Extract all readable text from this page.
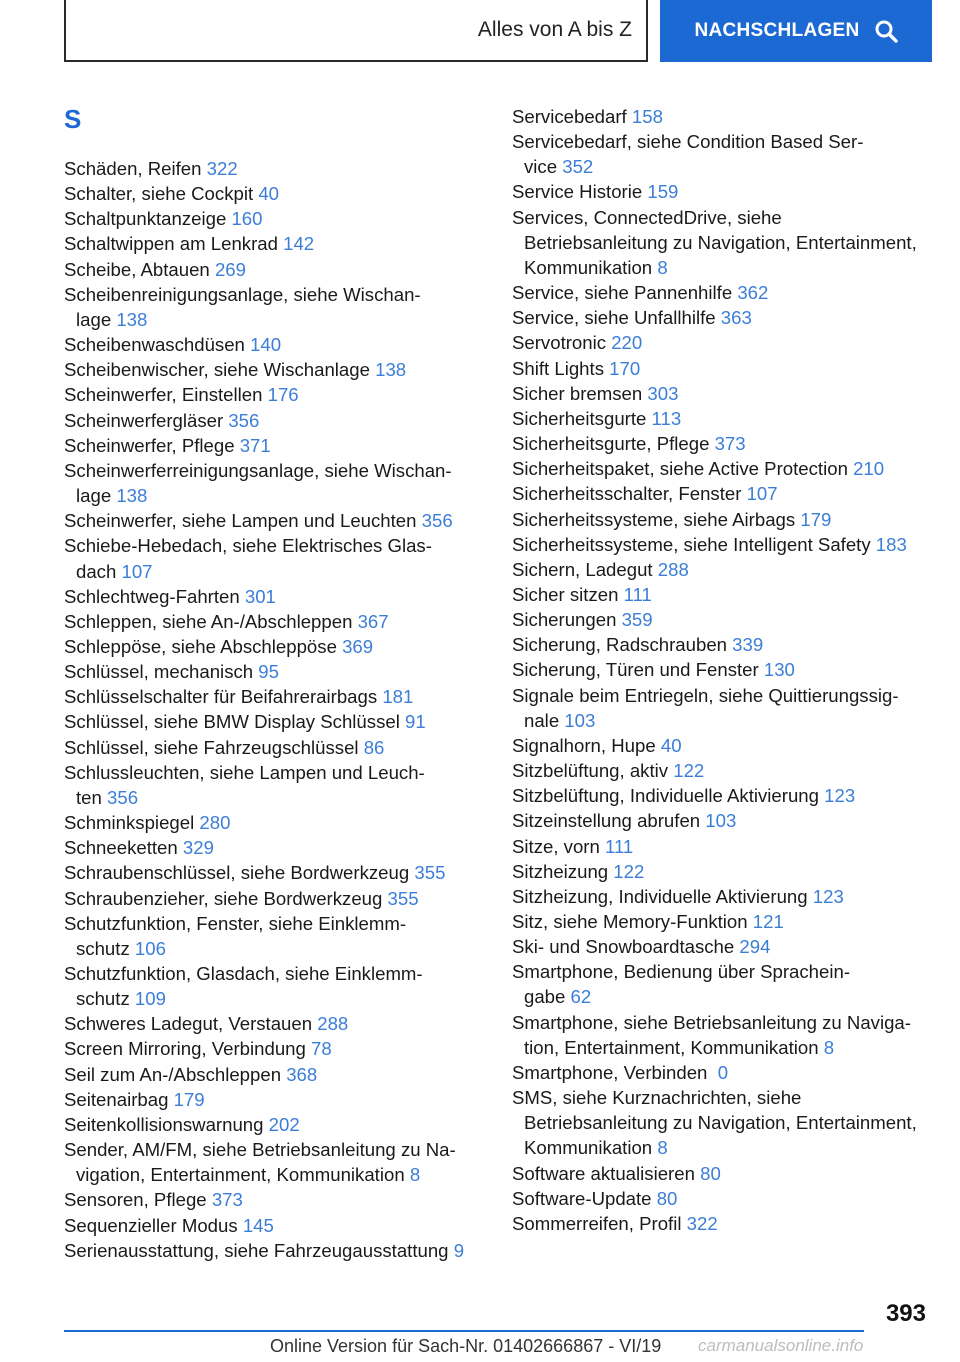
Alles von A bis Z	NACHSCHLAGEN
S
Schäden, Reifen 322
Schalter, siehe Cockpit 40
Schaltpunktanzeige 160
Schaltwippen am Lenkrad 142
Scheibe, Abtauen 269
Scheibenreinigungsanlage, siehe Wischan‐
lage 138
Scheibenwaschdüsen 140
Scheibenwischer, siehe Wischanlage 138
Scheinwerfer, Einstellen 176
Scheinwerfergläser 356
Scheinwerfer, Pflege 371
Scheinwerferreinigungsanlage, siehe Wischan‐
lage 138
Scheinwerfer, siehe Lampen und Leuchten 356
Schiebe-Hebedach, siehe Elektrisches Glas‐
dach 107
Schlechtweg-Fahrten 301
Schleppen, siehe An-/Abschleppen 367
Schleppöse, siehe Abschleppöse 369
Schlüssel, mechanisch 95
Schlüsselschalter für Beifahrerairbags 181
Schlüssel, siehe BMW Display Schlüssel 91
Schlüssel, siehe Fahrzeugschlüssel 86
Schlussleuchten, siehe Lampen und Leuch‐
ten 356
Schminkspiegel 280
Schneeketten 329
Schraubenschlüssel, siehe Bordwerkzeug 355
Schraubenzieher, siehe Bordwerkzeug 355
Schutzfunktion, Fenster, siehe Einklemm‐
schutz 106
Schutzfunktion, Glasdach, siehe Einklemm‐
schutz 109
Schweres Ladegut, Verstauen 288
Screen Mirroring, Verbindung 78
Seil zum An-/Abschleppen 368
Seitenairbag 179
Seitenkollisionswarnung 202
Sender, AM/FM, siehe Betriebsanleitung zu Na‐
vigation, Entertainment, Kommunikation 8
Sensoren, Pflege 373
Sequenzieller Modus 145
Serienausstattung, siehe Fahrzeugausstattung 9
Servicebedarf 158
Servicebedarf, siehe Condition Based Ser‐
vice 352
Service Historie 159
Services, ConnectedDrive, siehe
Betriebsanleitung zu Navigation, Entertainment,
Kommunikation 8
Service, siehe Pannenhilfe 362
Service, siehe Unfallhilfe 363
Servotronic 220
Shift Lights 170
Sicher bremsen 303
Sicherheitsgurte 113
Sicherheitsgurte, Pflege 373
Sicherheitspaket, siehe Active Protection 210
Sicherheitsschalter, Fenster 107
Sicherheitssysteme, siehe Airbags 179
Sicherheitssysteme, siehe Intelligent Safety 183
Sichern, Ladegut 288
Sicher sitzen 111
Sicherungen 359
Sicherung, Radschrauben 339
Sicherung, Türen und Fenster 130
Signale beim Entriegeln, siehe Quittierungssig‐
nale 103
Signalhorn, Hupe 40
Sitzbelüftung, aktiv 122
Sitzbelüftung, Individuelle Aktivierung 123
Sitzeinstellung abrufen 103
Sitze, vorn 111
Sitzheizung 122
Sitzheizung, Individuelle Aktivierung 123
Sitz, siehe Memory-Funktion 121
Ski- und Snowboardtasche 294
Smartphone, Bedienung über Sprachein‐
gabe 62
Smartphone, siehe Betriebsanleitung zu Naviga‐
tion, Entertainment, Kommunikation 8
Smartphone, Verbinden  0
SMS, siehe Kurznachrichten, siehe
Betriebsanleitung zu Navigation, Entertainment,
Kommunikation 8
Software aktualisieren 80
Software-Update 80
Sommerreifen, Profil 322
393
Online Version für Sach-Nr. 01402666867 - VI/19 carmanualsonline.info
